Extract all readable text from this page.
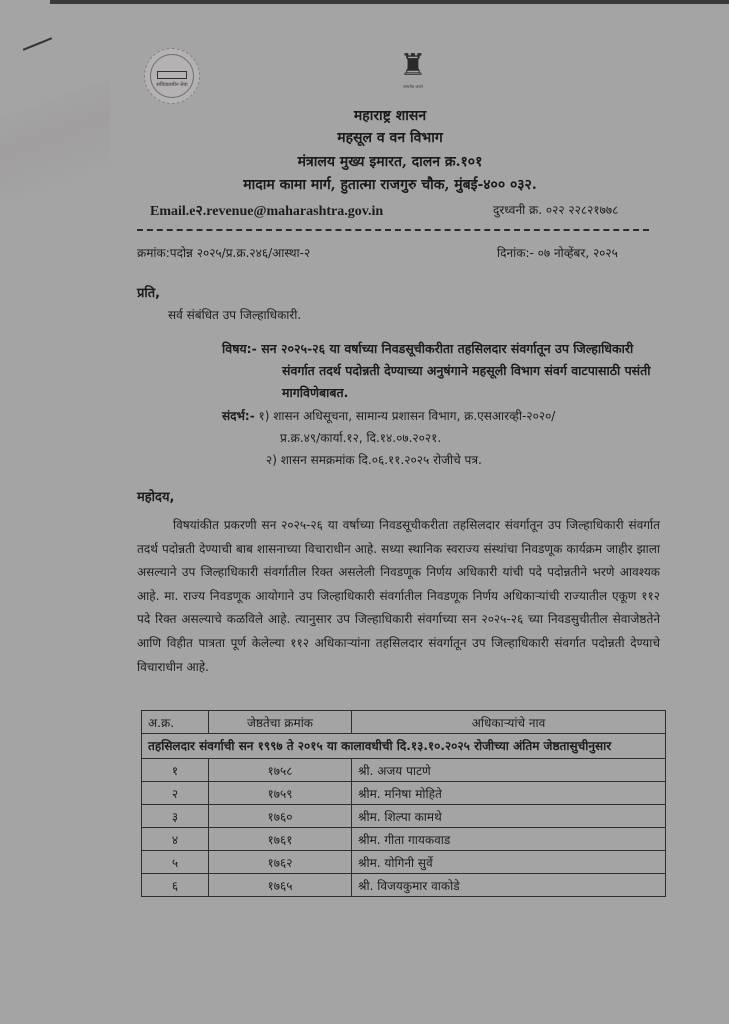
सचिवालयीन सेवा
♜
सत्यमेव जयते
महाराष्ट्र शासन
महसूल व वन विभाग
मंत्रालय मुख्य इमारत, दालन क्र.१०१
मादाम कामा मार्ग, हुतात्मा राजगुरु चौक, मुंबई-४०० ०३२.
Email.e२.revenue@maharashtra.gov.in	दुरध्वनी क्र. ०२२ २२८२१७७८
क्रमांक:पदोन्न २०२५/प्र.क्र.२४६/आस्था-२	दिनांक:- ०७ नोव्हेंबर, २०२५
प्रति,
सर्व संबंधित उप जिल्हाधिकारी.
विषय:- सन २०२५-२६ या वर्षाच्या निवडसूचीकरीता तहसिलदार संवर्गातून उप जिल्हाधिकारी संवर्गात तदर्थ पदोन्नती देण्याच्या अनुषंगाने महसूली विभाग संवर्ग वाटपासाठी पसंती मागविणेबाबत.
संदर्भ:- १) शासन अधिसूचना, सामान्य प्रशासन विभाग, क्र.एसआरव्ही-२०२०/
प्र.क्र.४९/कार्या.१२, दि.१४.०७.२०२१.
२) शासन समक्रमांक दि.०६.११.२०२५ रोजीचे पत्र.
महोदय,
विषयांकीत प्रकरणी सन २०२५-२६ या वर्षाच्या निवडसूचीकरीता तहसिलदार संवर्गातून उप जिल्हाधिकारी संवर्गात तदर्थ पदोन्नती देण्याची बाब शासनाच्या विचाराधीन आहे. सध्या स्थानिक स्वराज्य संस्थांचा निवडणूक कार्यक्रम जाहीर झाला असल्याने उप जिल्हाधिकारी संवर्गातील रिक्त असलेली निवडणूक निर्णय अधिकारी यांची पदे पदोन्नतीने भरणे आवश्यक आहे. मा. राज्य निवडणूक आयोगाने उप जिल्हाधिकारी संवर्गातील निवडणूक निर्णय अधिकाऱ्यांची राज्यातील एकूण ११२ पदे रिक्त असल्याचे कळविले आहे. त्यानुसार उप जिल्हाधिकारी संवर्गाच्या सन २०२५-२६ च्या निवडसुचीतील सेवाजेष्ठतेने आणि विहीत पात्रता पूर्ण केलेल्या ११२ अधिकाऱ्यांना तहसिलदार संवर्गातून उप जिल्हाधिकारी संवर्गात पदोन्नती देण्याचे विचाराधीन आहे.
अ.क्र.	जेष्ठतेचा क्रमांक	अधिकाऱ्यांचे नाव
तहसिलदार संवर्गाची सन १९९७ ते २०१५ या कालावधीची दि.१३.१०.२०२५ रोजीच्या अंतिम जेष्ठतासुचीनुसार		
१	१७५८	श्री. अजय पाटणे
२	१७५९	श्रीम. मनिषा मोहिते
३	१७६०	श्रीम. शिल्पा कामथे
४	१७६१	श्रीम. गीता गायकवाड
५	१७६२	श्रीम. योगिनी सुर्वे
६	१७६५	श्री. विजयकुमार वाकोडे
